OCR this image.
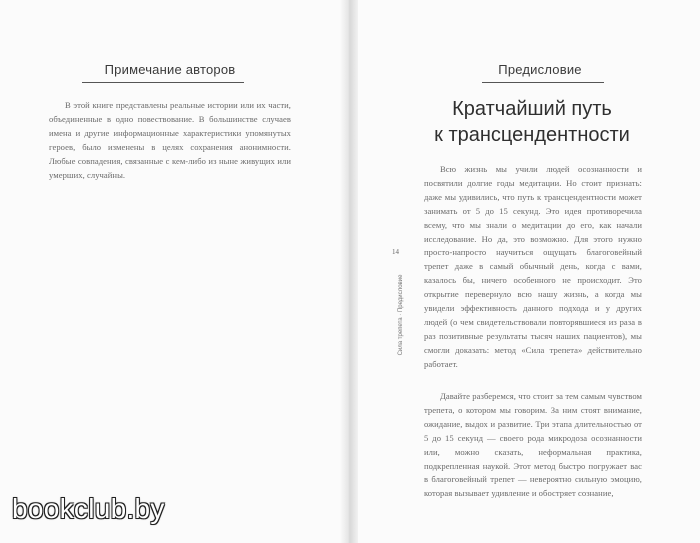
Примечание авторов

В этой книге представлены реальные истории или их части, объединенные в одно повествование. В большинстве случаев имена и другие информационные характеристики упомянутых героев, было изменены в целях сохранения анонимности. Любые совпадения, связанные с кем-либо из ныне живущих или умерших, случайны.

Предисловие
Кратчайший путь
к трансцендентности

Всю жизнь мы учили людей осознанности и посвятили долгие годы медитации. Но стоит признать: даже мы удивились, что путь к трансцендентности может занимать от 5 до 15 секунд. Это идея противоречила всему, что мы знали о медитации до его, как начали исследование. Но да, это возможно. Для этого нужно просто-напросто научиться ощущать благоговейный трепет даже в самый обычный день, когда с вами, казалось бы, ничего особенного не происходит. Это открытие перевернуло всю нашу жизнь, а когда мы увидели эффективность данного подхода и у других людей (о чем свидетельствовали повторявшиеся из раза в раз позитивные результаты тысяч наших пациентов), мы смогли доказать: метод «Сила трепета» действительно работает.

Давайте разберемся, что стоит за тем самым чувством трепета, о котором мы говорим. За ним стоят внимание, ожидание, выдох и развитие. Три этапа длительностью от 5 до 15 секунд — своего рода микродоза осознанности или, можно сказать, неформальная практика, подкрепленная наукой. Этот метод быстро погружает вас в благоговейный трепет — невероятно сильную эмоцию, которая вызывает удивление и обостряет сознание,

14
Сила трепета · Предисловие
bookclub.by
